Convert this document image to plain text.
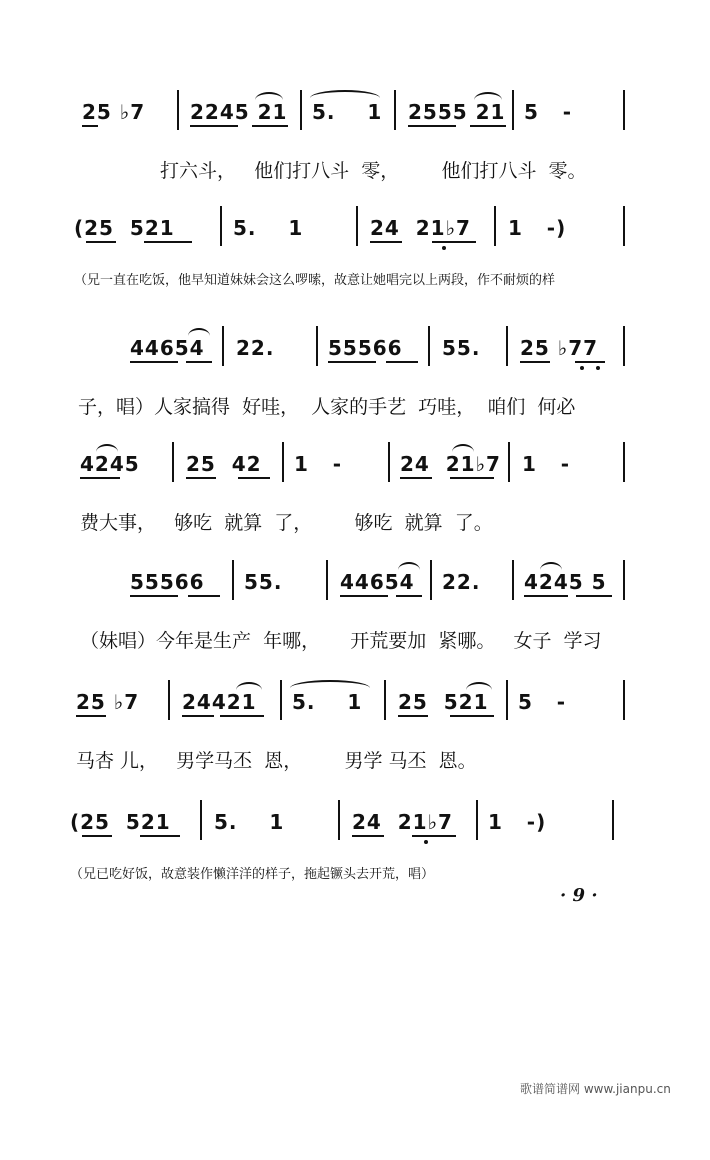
25 ♭7

2245 21

5.    1

2555 21

5   -

打六斗，   他们打八斗  零，       他们打八斗  零。

(25  521

	5.    1

	24  21♭7

1   -)

（兄一直在吃饭，他早知道妹妹会这么啰嗦，故意让她唱完以上两段，作不耐烦的样

44654

22.

	55566

55.

25 ♭77

子，唱）人家搞得  好哇，  人家的手艺  巧哇，  咱们  何必

4245

25  42

1   -

	24  21♭7

1   -

费大事，   够吃  就算  了，       够吃  就算  了。

55566

55.

	44654

22.

4245 5

（妹唱）今年是生产  年哪，     开荒要加  紧哪。   女子  学习

25 ♭7

24421

5.    1

25  521

5   -

马杏 儿，   男学马丕  恩，       男学 马丕  恩。

(25  521

5.    1

	24  21♭7

1   -)

（兄已吃好饭，故意装作懒洋洋的样子，拖起镢头去开荒，唱）

· 9 ·
歌谱简谱网 www.jianpu.cn
